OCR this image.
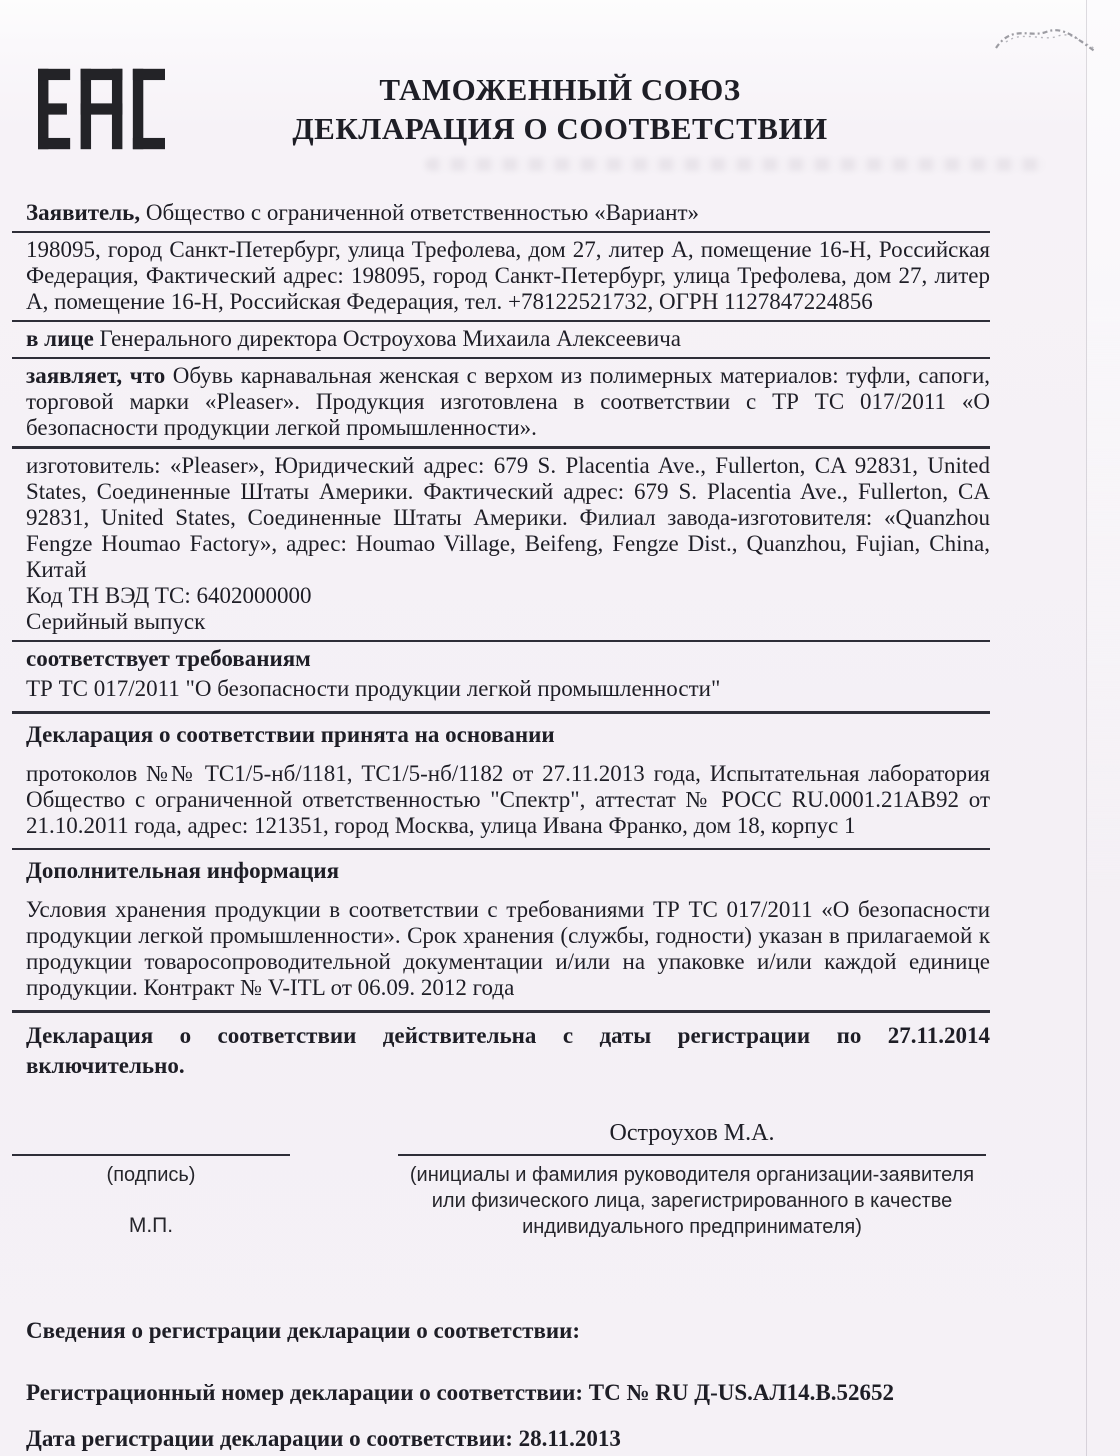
ТАМОЖЕННЫЙ СОЮЗ
ДЕКЛАРАЦИЯ О СООТВЕТСТВИИ

Заявитель, Общество с ограниченной ответственностью «Вариант»

198095, город Санкт-Петербург, улица Трефолева, дом 27, литер А, помещение 16-Н, Российская Федерация, Фактический адрес: 198095, город Санкт-Петербург, улица Трефолева, дом 27, литер А, помещение 16-Н, Российская Федерация, тел. +78122521732, ОГРН 1127847224856

в лице Генерального директора Остроухова Михаила Алексеевича

заявляет, что Обувь карнавальная женская с верхом из полимерных материалов: туфли, сапоги, торговой марки «Pleaser». Продукция изготовлена в соответствии с ТР ТС 017/2011 «О безопасности продукции легкой промышленности».

изготовитель: «Pleaser», Юридический адрес: 679 S. Placentia Ave., Fullerton, CA 92831, United States, Соединенные Штаты Америки. Фактический адрес: 679 S. Placentia Ave., Fullerton, CA 92831, United States, Соединенные Штаты Америки. Филиал завода-изготовителя: «Quanzhou Fengze Houmao Factory», адрес: Houmao Village, Beifeng, Fengze Dist., Quanzhou, Fujian, China, Китай

Код ТН ВЭД ТС: 6402000000

Серийный выпуск

соответствует требованиям

ТР ТС 017/2011 "О безопасности продукции легкой промышленности"

Декларация о соответствии принята на основании

протоколов №№ ТС1/5-нб/1181, ТС1/5-нб/1182 от 27.11.2013 года, Испытательная лаборатория Общество с ограниченной ответственностью "Спектр", аттестат № РОСС RU.0001.21АВ92 от 21.10.2011 года, адрес: 121351, город Москва, улица Ивана Франко, дом 18, корпус 1

Дополнительная информация

Условия хранения продукции в соответствии с требованиями ТР ТС 017/2011 «О безопасности продукции легкой промышленности». Срок хранения (службы, годности) указан в прилагаемой к продукции товаросопроводительной документации и/или на упаковке и/или каждой единице продукции. Контракт № V-ITL от 06.09. 2012 года

Декларация о соответствии действительна с даты регистрации по 27.11.2014
включительно.
Остроухов М.А.
(подпись)
М.П.
(инициалы и фамилия руководителя организации-заявителя или физического лица, зарегистрированного в качестве индивидуального предпринимателя)
Сведения о регистрации декларации о соответствии:
Регистрационный номер декларации о соответствии: ТС № RU Д-US.АЛ14.В.52652
Дата регистрации декларации о соответствии: 28.11.2013
